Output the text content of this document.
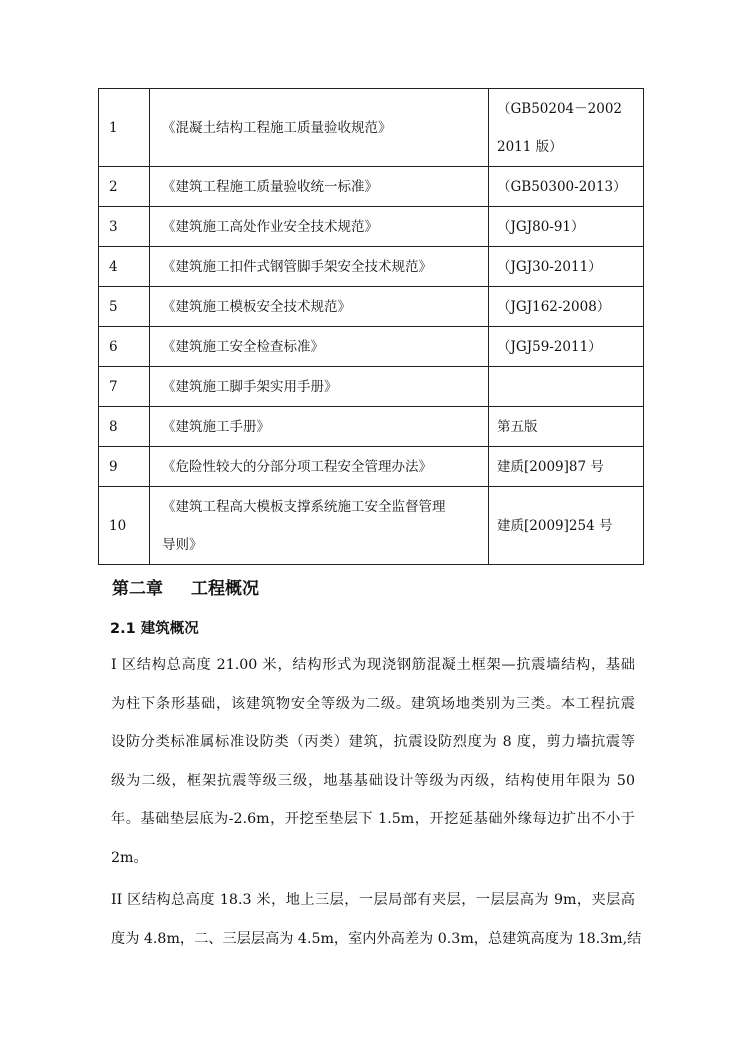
1	《混凝土结构工程施工质量验收规范》	（GB50204－2002
2011 版）

2	《建筑工程施工质量验收统一标准》	（GB50300-2013）

3	《建筑施工高处作业安全技术规范》	（JGJ80-91）

4	《建筑施工扣件式钢管脚手架安全技术规范》	（JGJ30-2011）

5	《建筑施工模板安全技术规范》	（JGJ162-2008）

6	《建筑施工安全检查标准》	（JGJ59-2011）

7	《建筑施工脚手架实用手册》	

8	《建筑施工手册》	第五版

9	《危险性较大的分部分项工程安全管理办法》	建质[2009]87 号

10	《建筑工程高大模板支撑系统施工安全监督管理
导则》	建质[2009]254 号
第二章 工程概况
2.1 建筑概况
I 区结构总高度 21.00 米，结构形式为现浇钢筋混凝土框架—抗震墙结构，基础
为柱下条形基础，该建筑物安全等级为二级。建筑场地类别为三类。本工程抗震
设防分类标准属标准设防类（丙类）建筑，抗震设防烈度为 8 度，剪力墙抗震等
级为二级，框架抗震等级三级，地基基础设计等级为丙级，结构使用年限为 50
年。基础垫层底为-2.6m，开挖至垫层下 1.5m，开挖延基础外缘每边扩出不小于
2m。
II 区结构总高度 18.3 米，地上三层，一层局部有夹层，一层层高为 9m，夹层高
度为 4.8m，二、三层层高为 4.5m，室内外高差为 0.3m，总建筑高度为 18.3m,结
